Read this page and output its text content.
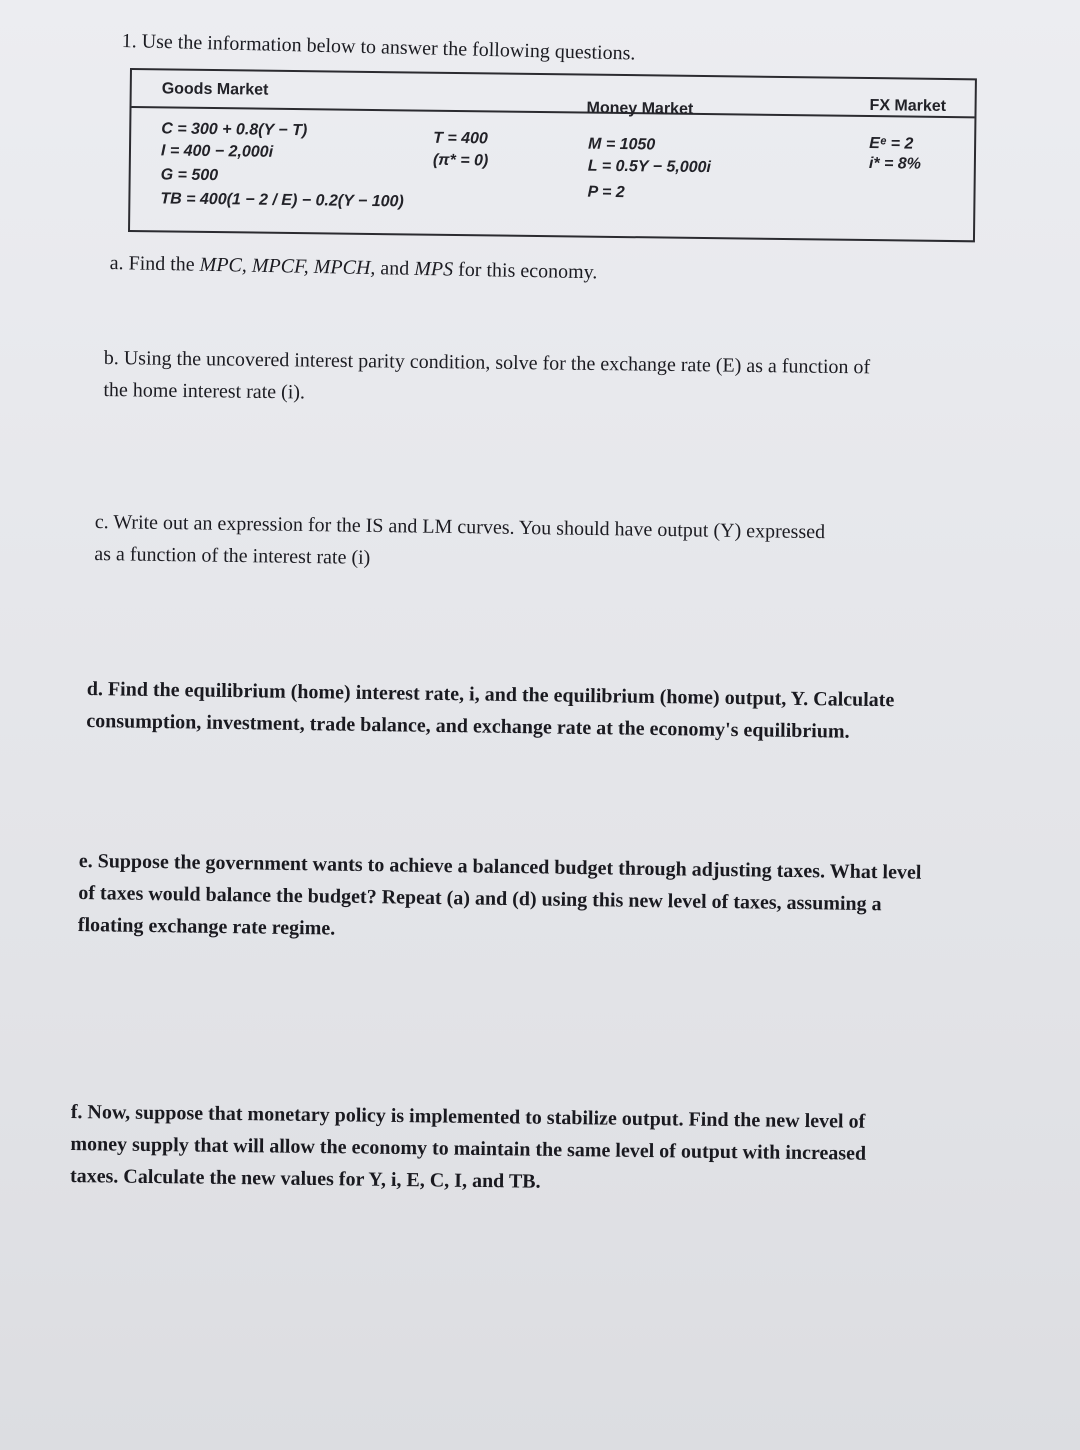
1. Use the information below to answer the following questions.
Goods Market
Money Market	FX Market
C = 300 + 0.8(Y − T)
I = 400 − 2,000i
G = 500
TB = 400(1 − 2 / E) − 0.2(Y − 100)
T = 400
(π* = 0)
M = 1050
L = 0.5Y − 5,000i
P = 2
Eᵉ = 2
i* = 8%

a. Find the MPC, MPCF, MPCH, and MPS for this economy.

b. Using the uncovered interest parity condition, solve for the exchange rate (E) as a function of

the home interest rate (i).

c. Write out an expression for the IS and LM curves. You should have output (Y) expressed

as a function of the interest rate (i)

d. Find the equilibrium (home) interest rate, i, and the equilibrium (home) output, Y. Calculate

consumption, investment, trade balance, and exchange rate at the economy's equilibrium.

e. Suppose the government wants to achieve a balanced budget through adjusting taxes. What level

of taxes would balance the budget? Repeat (a) and (d) using this new level of taxes, assuming a

floating exchange rate regime.

f. Now, suppose that monetary policy is implemented to stabilize output. Find the new level of

money supply that will allow the economy to maintain the same level of output with increased

taxes. Calculate the new values for Y, i, E, C, I, and TB.
